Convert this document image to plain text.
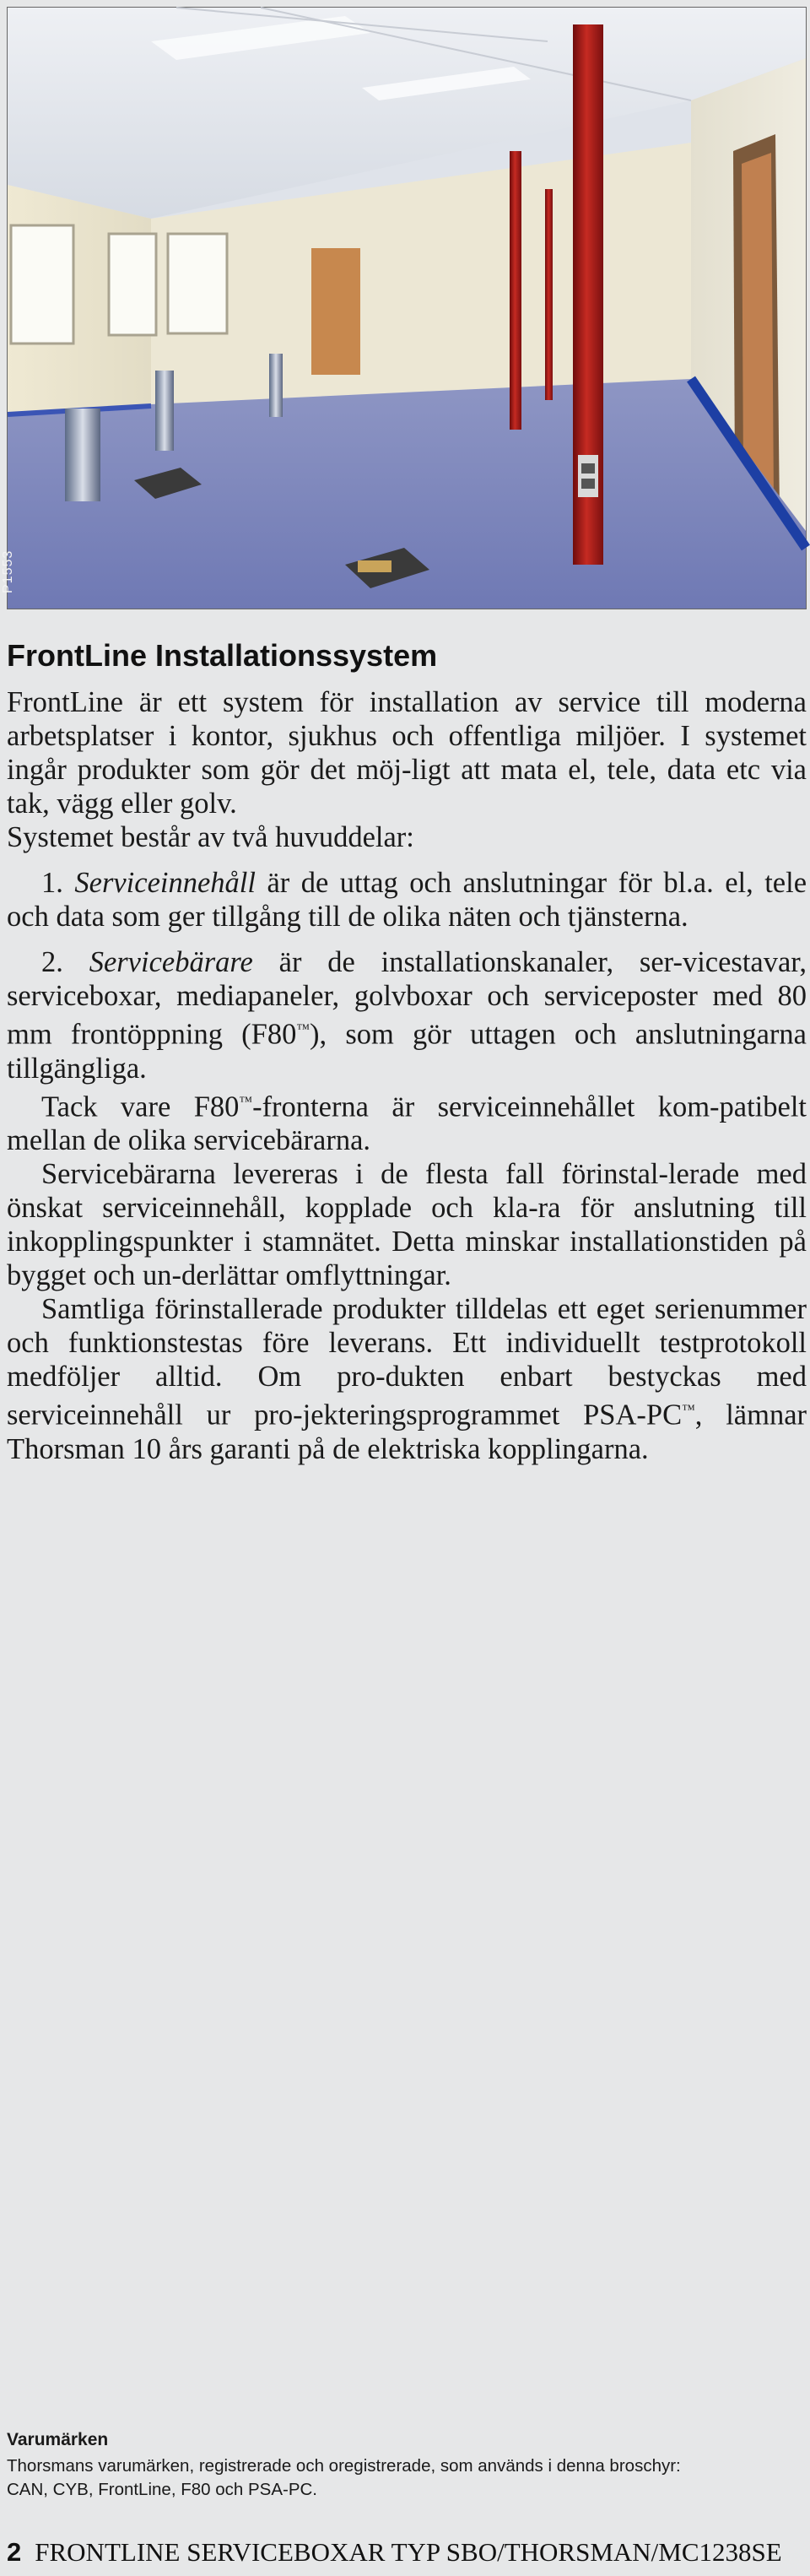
P1553
FrontLine Installationssystem

FrontLine är ett system för installation av service till moderna arbetsplatser i kontor, sjukhus och offentliga miljöer. I systemet ingår produkter som gör det möj-ligt att mata el, tele, data etc via tak, vägg eller golv.

Systemet består av två huvuddelar:

1. Serviceinnehåll är de uttag och anslutningar för bl.a. el, tele och data som ger tillgång till de olika näten och tjänsterna.

2. Servicebärare är de installationskanaler, ser-vicestavar, serviceboxar, mediapaneler, golvboxar och serviceposter med 80 mm frontöppning (F80™), som gör uttagen och anslutningarna tillgängliga.

Tack vare F80™-fronterna är serviceinnehållet kom-patibelt mellan de olika servicebärarna.

Servicebärarna levereras i de flesta fall förinstal-lerade med önskat serviceinnehåll, kopplade och kla-ra för anslutning till inkopplingspunkter i stamnätet. Detta minskar installationstiden på bygget och un-derlättar omflyttningar.

Samtliga förinstallerade produkter tilldelas ett eget serienummer och funktionstestas före leverans. Ett individuellt testprotokoll medföljer alltid. Om pro-dukten enbart bestyckas med serviceinnehåll ur pro-jekteringsprogrammet PSA-PC™, lämnar Thorsman 10 års garanti på de elektriska kopplingarna.

Varumärken

Thorsmans varumärken, registrerade och oregistrerade, som används i denna broschyr:

CAN, CYB, FrontLine, F80 och PSA-PC.

2 FRONTLINE SERVICEBOXAR TYP SBO/THORSMAN/MC1238SE
